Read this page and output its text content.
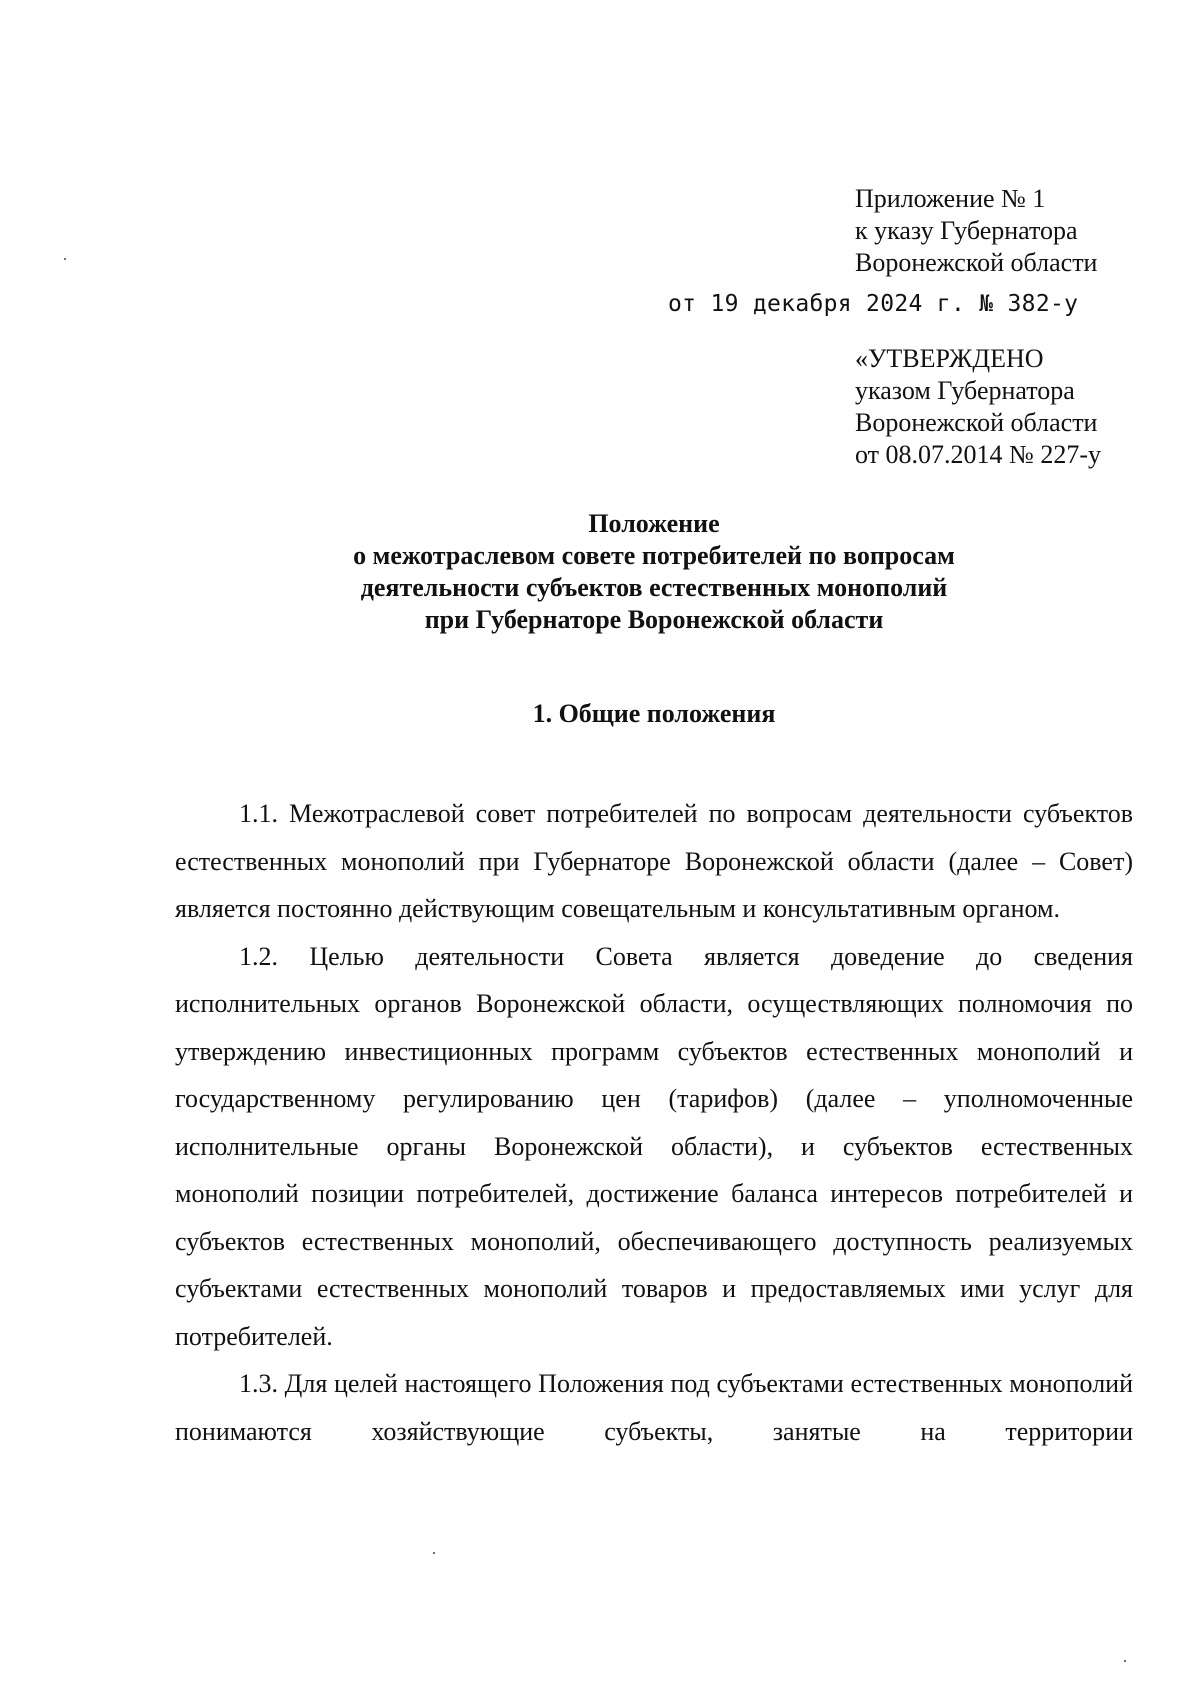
Приложение № 1
к указу Губернатора
Воронежской области
от 19 декабря 2024 г. № 382-у
«УТВЕРЖДЕНО
указом Губернатора
Воронежской области
от 08.07.2014 № 227-у
Положение
о межотраслевом совете потребителей по вопросам
деятельности субъектов естественных монополий
при Губернаторе Воронежской области
1. Общие положения

1.1. Межотраслевой совет потребителей по вопросам деятельности субъектов естественных монополий при Губернаторе Воронежской области (далее – Совет) является постоянно действующим совещательным и консультативным органом.

1.2. Целью деятельности Совета является доведение до сведения исполнительных органов Воронежской области, осуществляющих полномочия по утверждению инвестиционных программ субъектов естественных монополий и государственному регулированию цен (тарифов) (далее – уполномоченные исполнительные органы Воронежской области), и субъектов естественных монополий позиции потребителей, достижение баланса интересов потребителей и субъектов естественных монополий, обеспечивающего доступность реализуемых субъектами естественных монополий товаров и предоставляемых ими услуг для потребителей.

1.3. Для целей настоящего Положения под субъектами естественных монополий понимаются хозяйствующие субъекты, занятые на территории
